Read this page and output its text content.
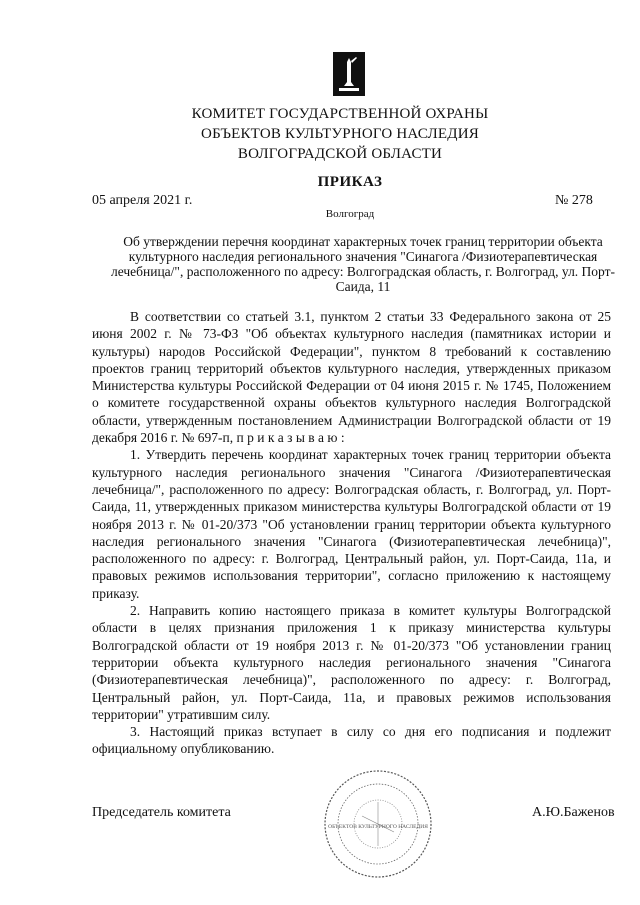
КОМИТЕТ ГОСУДАРСТВЕННОЙ ОХРАНЫ
ОБЪЕКТОВ КУЛЬТУРНОГО НАСЛЕДИЯ
ВОЛГОГРАДСКОЙ ОБЛАСТИ
ПРИКАЗ
05 апреля 2021 г.	№ 278
Волгоград
Об утверждении перечня координат характерных точек границ территории объекта культурного наследия регионального значения "Синагога /Физиотерапевтическая лечебница/", расположенного по адресу: Волгоградская область, г. Волгоград, ул. Порт-Саида, 11

В соответствии со статьей 3.1, пунктом 2 статьи 33 Федерального закона от 25 июня 2002 г. № 73-ФЗ "Об объектах культурного наследия (памятниках истории и культуры) народов Российской Федерации", пунктом 8 требований к составлению проектов границ территорий объектов культурного наследия, утвержденных приказом Министерства культуры Российской Федерации от 04 июня 2015 г. № 1745, Положением о комитете государственной охраны объектов культурного наследия Волгоградской области, утвержденным постановлением Администрации Волгоградской области от 19 декабря 2016 г. № 697-п, п р и к а з ы в а ю :

1. Утвердить перечень координат характерных точек границ территории объекта культурного наследия регионального значения "Синагога /Физиотерапевтическая лечебница/", расположенного по адресу: Волгоградская область, г. Волгоград, ул. Порт-Саида, 11, утвержденных приказом министерства культуры Волгоградской области от 19 ноября 2013 г. № 01-20/373 "Об установлении границ территории объекта культурного наследия регионального значения "Синагога (Физиотерапевтическая лечебница)", расположенного по адресу: г. Волгоград, Центральный район, ул. Порт-Саида, 11а, и правовых режимов использования территории", согласно приложению к настоящему приказу.

2. Направить копию настоящего приказа в комитет культуры Волгоградской области в целях признания приложения 1 к приказу министерства культуры Волгоградской области от 19 ноября 2013 г. № 01-20/373 "Об установлении границ территории объекта культурного наследия регионального значения "Синагога (Физиотерапевтическая лечебница)", расположенного по адресу: г. Волгоград, Центральный район, ул. Порт-Саида, 11а, и правовых режимов использования территории" утратившим силу.

3. Настоящий приказ вступает в силу со дня его подписания и подлежит официальному опубликованию.

Председатель комитета	А.Ю.Баженов
ОБЪЕКТОВ КУЛЬТУРНОГО НАСЛЕДИЯ
